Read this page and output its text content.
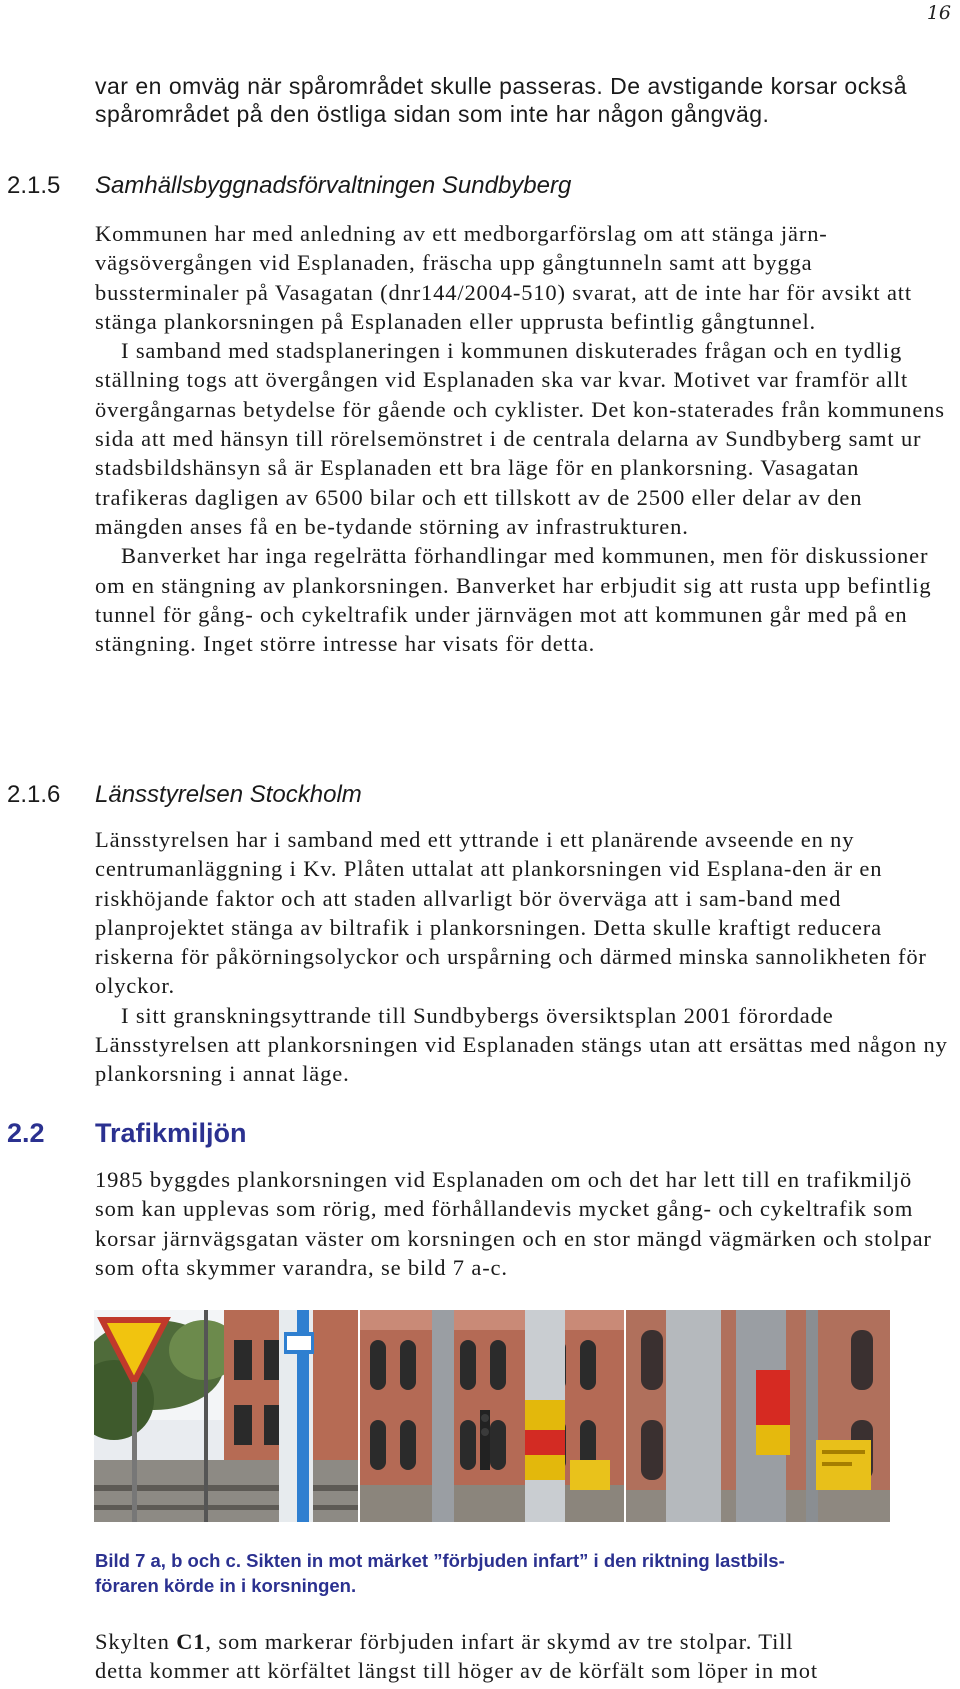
16
var en omväg när spårområdet skulle passeras. De avstigande korsar också
spårområdet på den östliga sidan som inte har någon gångväg.
2.1.5 Samhällsbyggnadsförvaltningen Sundbyberg

Kommunen har med anledning av ett medborgarförslag om att stänga järn-vägsövergången vid Esplanaden, fräscha upp gångtunneln samt att bygga bussterminaler på Vasagatan (dnr144/2004-510) svarat, att de inte har för avsikt att stänga plankorsningen på Esplanaden eller upprusta befintlig gångtunnel.

I samband med stadsplaneringen i kommunen diskuterades frågan och en tydlig ställning togs att övergången vid Esplanaden ska var kvar. Motivet var framför allt övergångarnas betydelse för gående och cyklister. Det kon-staterades från kommunens sida att med hänsyn till rörelsemönstret i de centrala delarna av Sundbyberg samt ur stadsbildshänsyn så är Esplanaden ett bra läge för en plankorsning. Vasagatan trafikeras dagligen av 6500 bilar och ett tillskott av de 2500 eller delar av den mängden anses få en be-tydande störning av infrastrukturen.

Banverket har inga regelrätta förhandlingar med kommunen, men för diskussioner om en stängning av plankorsningen. Banverket har erbjudit sig att rusta upp befintlig tunnel för gång- och cykeltrafik under järnvägen mot att kommunen går med på en stängning. Inget större intresse har visats för detta.

2.1.6 Länsstyrelsen Stockholm

Länsstyrelsen har i samband med ett yttrande i ett planärende avseende en ny centrumanläggning i Kv. Plåten uttalat att plankorsningen vid Esplana-den är en riskhöjande faktor och att staden allvarligt bör överväga att i sam-band med planprojektet stänga av biltrafik i plankorsningen. Detta skulle kraftigt reducera riskerna för påkörningsolyckor och urspårning och därmed minska sannolikheten för olyckor.

I sitt granskningsyttrande till Sundbybergs översiktsplan 2001 förordade Länsstyrelsen att plankorsningen vid Esplanaden stängs utan att ersättas med någon ny plankorsning i annat läge.

2.2 Trafikmiljön

1985 byggdes plankorsningen vid Esplanaden om och det har lett till en trafikmiljö som kan upplevas som rörig, med förhållandevis mycket gång- och cykeltrafik som korsar järnvägsgatan väster om korsningen och en stor mängd vägmärken och stolpar som ofta skymmer varandra, se bild 7 a-c.

Bild 7 a, b och c. Sikten in mot märket ”förbjuden infart” i den riktning lastbils-
föraren körde in i korsningen.
Skylten C1, som markerar förbjuden infart är skymd av tre stolpar. Till
detta kommer att körfältet längst till höger av de körfält som löper in mot
